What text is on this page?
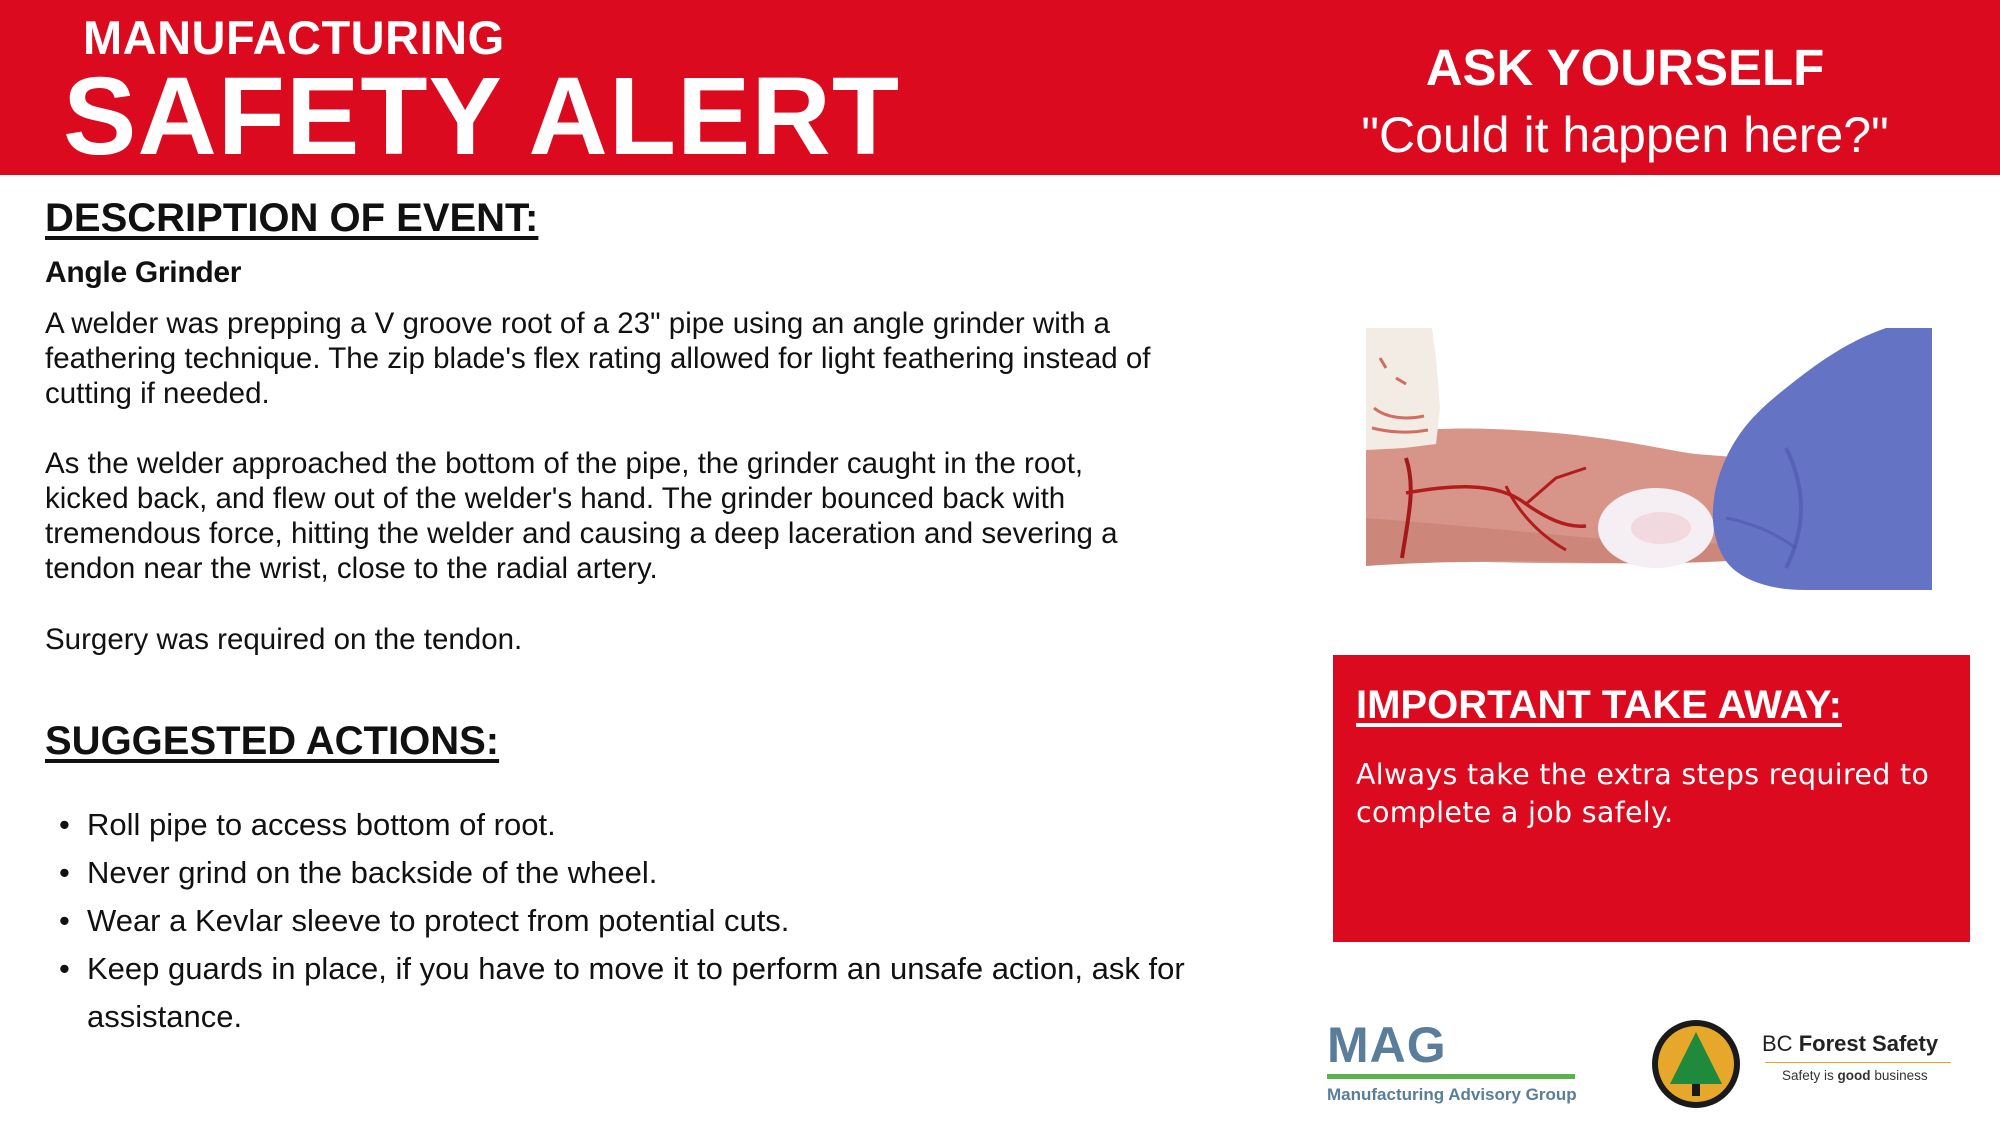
MANUFACTURING
SAFETY ALERT	ASK YOURSELF
"Could it happen here?"
DESCRIPTION OF EVENT:
Angle Grinder

A welder was prepping a V groove root of a 23" pipe using an angle grinder with a feathering technique. The zip blade's flex rating allowed for light feathering instead of cutting if needed.

As the welder approached the bottom of the pipe, the grinder caught in the root, kicked back, and flew out of the welder's hand. The grinder bounced back with tremendous force, hitting the welder and causing a deep laceration and severing a tendon near the wrist, close to the radial artery.

Surgery was required on the tendon.

SUGGESTED ACTIONS:
• Roll pipe to access bottom of root.
• Never grind on the backside of the wheel.
• Wear a Kevlar sleeve to protect from potential cuts.
• Keep guards in place, if you have to move it to perform an unsafe action, ask for assistance.
IMPORTANT TAKE AWAY:
Always take the extra steps required to complete a job safely.
MAG
Manufacturing Advisory Group
BC Forest Safety
Safety is good business
